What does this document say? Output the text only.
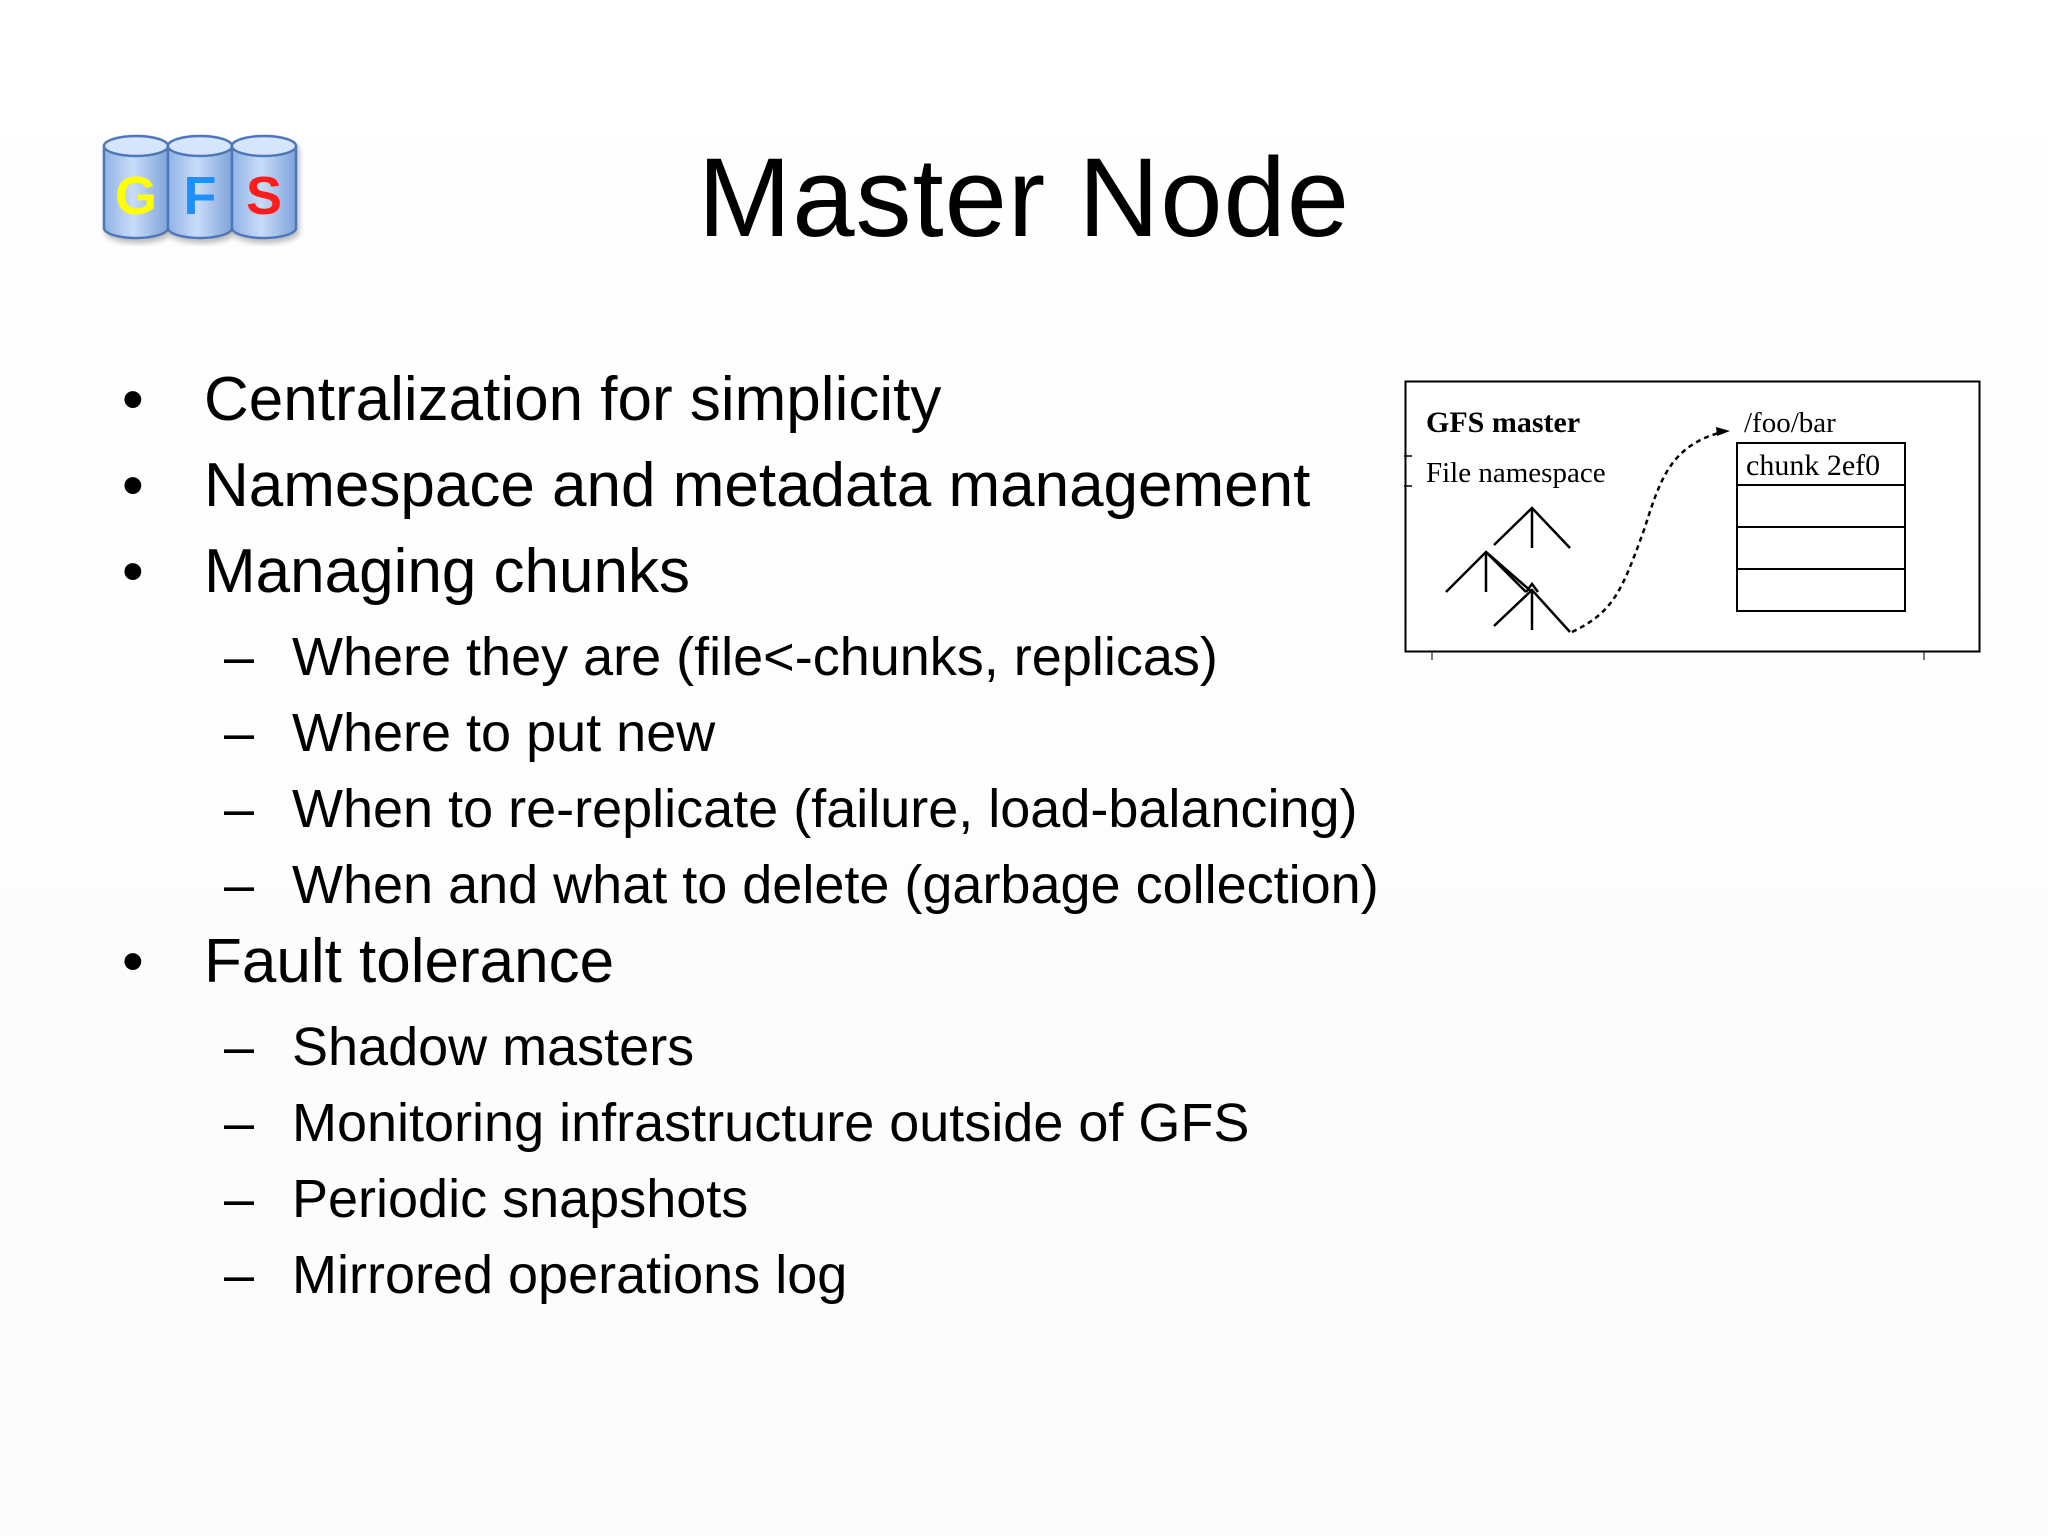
G F S	Master Node
• Centralization for simplicity
• Namespace and metadata management
• Managing chunks
– Where they are (file<-chunks, replicas)
– Where to put new
– When to re-replicate (failure, load-balancing)
– When and what to delete (garbage collection)
• Fault tolerance
– Shadow masters
– Monitoring infrastructure outside of GFS
– Periodic snapshots
– Mirrored operations log
GFS master
File namespace
/foo/bar
chunk 2ef0
